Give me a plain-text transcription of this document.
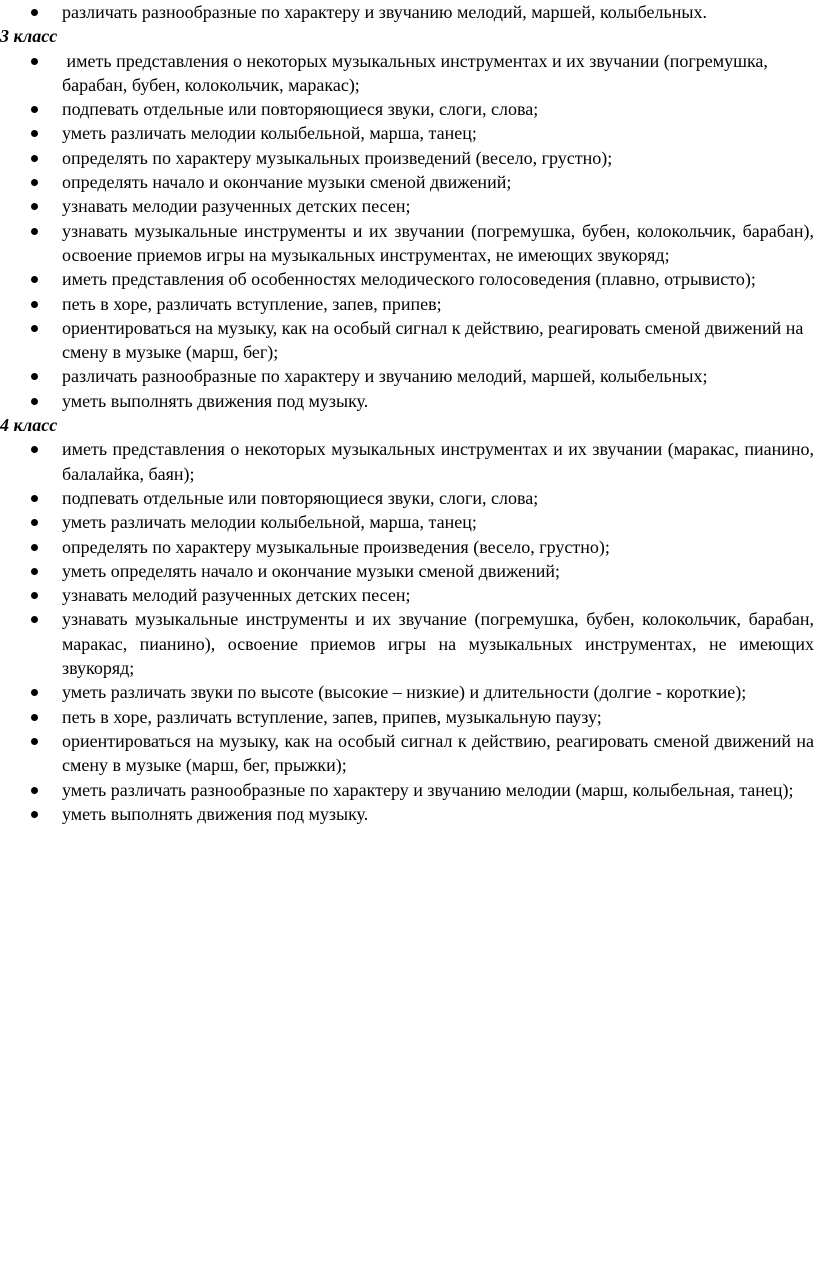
различать разнообразные по характеру и звучанию мелодий, маршей, колыбельных.

3 класс

иметь представления о некоторых музыкальных инструментах и их звучании (погремушка, барабан, бубен, колокольчик, маракас);
подпевать отдельные или повторяющиеся звуки, слоги, слова;
уметь различать мелодии колыбельной, марша, танец;
определять по характеру музыкальных произведений (весело, грустно);
определять начало и окончание музыки сменой движений;
узнавать мелодии разученных детских песен;
узнавать музыкальные инструменты и их звучании (погремушка, бубен, колокольчик, барабан), освоение приемов игры на музыкальных инструментах, не имеющих звукоряд;
иметь представления об особенностях мелодического голосоведения (плавно, отрывисто);
петь в хоре, различать вступление, запев, припев;
ориентироваться на музыку, как на особый сигнал к действию, реагировать сменой движений на смену в музыке (марш, бег);
различать разнообразные по характеру и звучанию мелодий, маршей, колыбельных;
уметь выполнять движения под музыку.

4 класс

иметь представления о некоторых музыкальных инструментах и их звучании (маракас, пианино, балалайка, баян);
подпевать отдельные или повторяющиеся звуки, слоги, слова;
уметь различать мелодии колыбельной, марша, танец;
определять по характеру музыкальные произведения (весело, грустно);
уметь определять начало и окончание музыки сменой движений;
узнавать мелодий разученных детских песен;
узнавать музыкальные инструменты и их звучание (погремушка, бубен, колокольчик, барабан, маракас, пианино), освоение приемов игры на музыкальных инструментах, не имеющих звукоряд;
уметь различать звуки по высоте (высокие – низкие) и длительности (долгие - короткие);
петь в хоре, различать вступление, запев, припев, музыкальную паузу;
ориентироваться на музыку, как на особый сигнал к действию, реагировать сменой движений на смену в музыке (марш, бег, прыжки);
уметь различать разнообразные по характеру и звучанию мелодии (марш, колыбельная, танец);
уметь выполнять движения под музыку.
